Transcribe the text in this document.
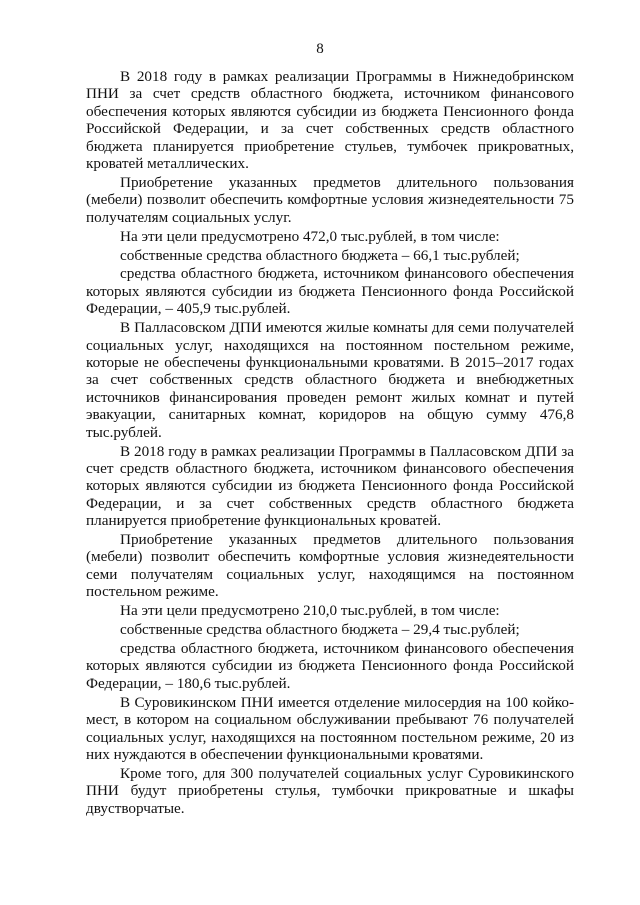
8

В 2018 году в рамках реализации Программы в Нижнедобринском ПНИ за счет средств областного бюджета, источником финансового обеспечения которых являются субсидии из бюджета Пенсионного фонда Российской Федерации, и за счет собственных средств областного бюджета планируется приобретение стульев, тумбочек прикроватных, кроватей металлических.

Приобретение указанных предметов длительного пользования (мебели) позволит обеспечить комфортные условия жизнедеятельности 75 получателям социальных услуг.

На эти цели предусмотрено 472,0 тыс.рублей, в том числе:

собственные средства областного бюджета – 66,1 тыс.рублей;

средства областного бюджета, источником финансового обеспечения которых являются субсидии из бюджета Пенсионного фонда Российской Федерации, – 405,9 тыс.рублей.

В Палласовском ДПИ имеются жилые комнаты для семи получателей социальных услуг, находящихся на постоянном постельном режиме, которые не обеспечены функциональными кроватями. В 2015–2017 годах за счет собственных средств областного бюджета и внебюджетных источников финансирования проведен ремонт жилых комнат и путей эвакуации, санитарных комнат, коридоров на общую сумму 476,8 тыс.рублей.

В 2018 году в рамках реализации Программы в Палласовском ДПИ за счет средств областного бюджета, источником финансового обеспечения которых являются субсидии из бюджета Пенсионного фонда Российской Федерации, и за счет собственных средств областного бюджета планируется приобретение функциональных кроватей.

Приобретение указанных предметов длительного пользования (мебели) позволит обеспечить комфортные условия жизнедеятельности семи получателям социальных услуг, находящимся на постоянном постельном режиме.

На эти цели предусмотрено 210,0 тыс.рублей, в том числе:

собственные средства областного бюджета – 29,4 тыс.рублей;

средства областного бюджета, источником финансового обеспечения которых являются субсидии из бюджета Пенсионного фонда Российской Федерации, – 180,6 тыс.рублей.

В Суровикинском ПНИ имеется отделение милосердия на 100 койко-мест, в котором на социальном обслуживании пребывают 76 получателей социальных услуг, находящихся на постоянном постельном режиме, 20 из них нуждаются в обеспечении функциональными кроватями.

Кроме того, для 300 получателей социальных услуг Суровикинского ПНИ будут приобретены стулья, тумбочки прикроватные и шкафы двустворчатые.
